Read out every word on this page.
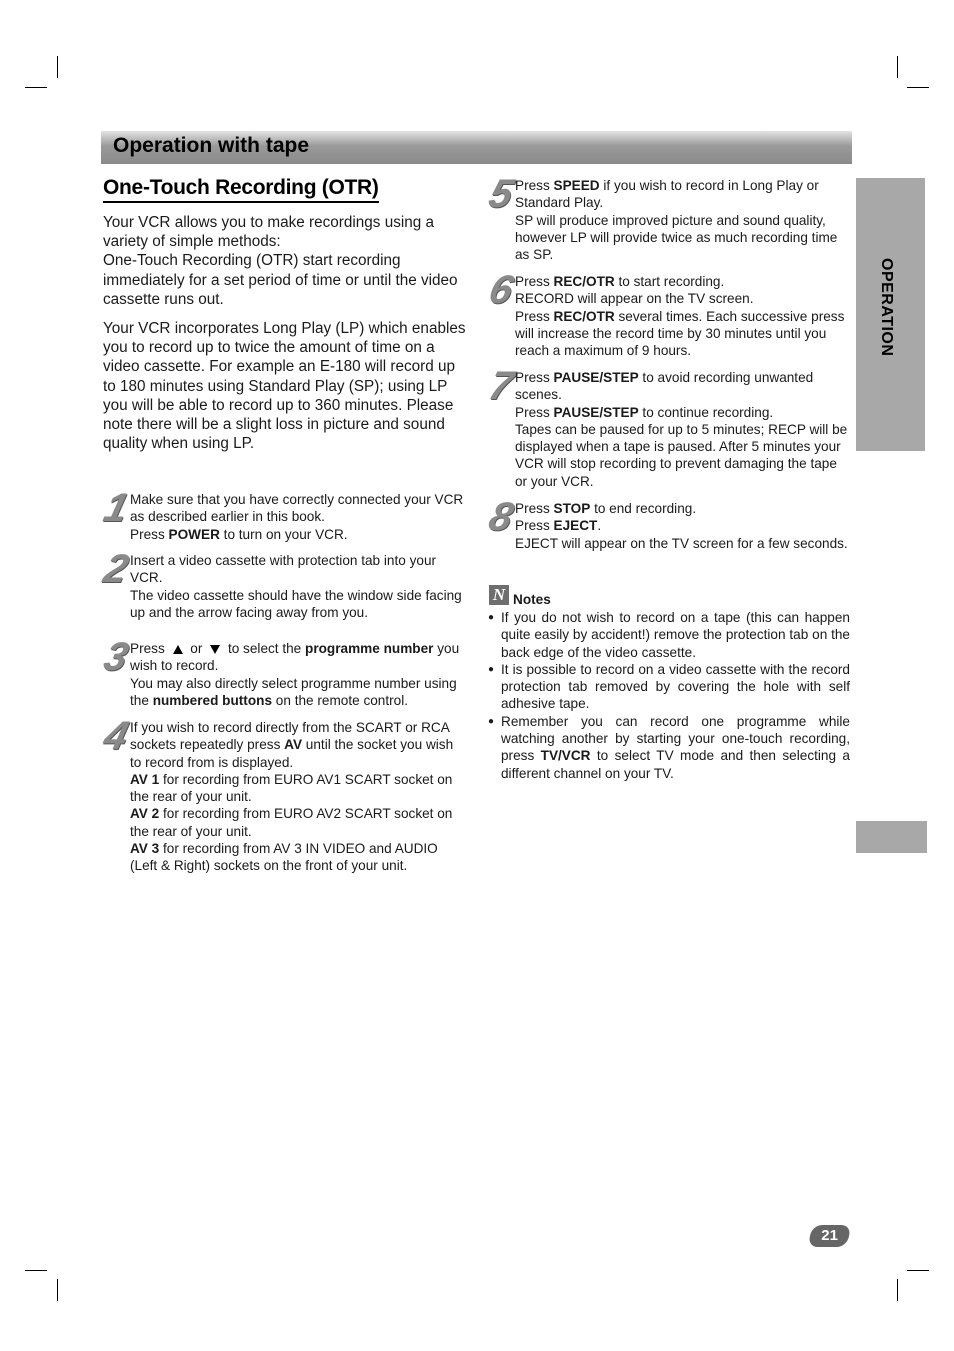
Operation with tape
OPERATION
One-Touch Recording (OTR)

Your VCR allows you to make recordings using a variety of simple methods:
One-Touch Recording (OTR) start recording immediately for a set period of time or until the video cassette runs out.

Your VCR incorporates Long Play (LP) which enables you to record up to twice the amount of time on a video cassette. For example an E-180 will record up to 180 minutes using Standard Play (SP); using LP you will be able to record up to 360 minutes. Please note there will be a slight loss in picture and sound quality when using LP.

1

Make sure that you have correctly connected your VCR as described earlier in this book.

Press POWER to turn on your VCR.

2

Insert a video cassette with protection tab into your VCR.

The video cassette should have the window side facing up and the arrow facing away from you.

3

Press  or  to select the programme number you wish to record.

You may also directly select programme number using the numbered buttons on the remote control.

4

If you wish to record directly from the SCART or RCA sockets repeatedly press AV until the socket you wish to record from is displayed.

AV 1 for recording from EURO AV1 SCART socket on the rear of your unit.

AV 2 for recording from EURO AV2 SCART socket on the rear of your unit.

AV 3 for recording from AV 3 IN VIDEO and AUDIO (Left & Right) sockets on the front of your unit.

5

Press SPEED if you wish to record in Long Play or Standard Play.

SP will produce improved picture and sound quality, however LP will provide twice as much recording time as SP.

6

Press REC/OTR to start recording.

RECORD will appear on the TV screen.

Press REC/OTR several times. Each successive press will increase the record time by 30 minutes until you reach a maximum of 9 hours.

7

Press PAUSE/STEP to avoid recording unwanted scenes.

Press PAUSE/STEP to continue recording.

Tapes can be paused for up to 5 minutes; RECP will be displayed when a tape is paused. After 5 minutes your VCR will stop recording to prevent damaging the tape or your VCR.

8

Press STOP to end recording.

Press EJECT.

EJECT will appear on the TV screen for a few seconds.

N Notes
● If you do not wish to record on a tape (this can happen quite easily by accident!) remove the protection tab on the back edge of the video cassette.
● It is possible to record on a video cassette with the record protection tab removed by covering the hole with self adhesive tape.
● Remember you can record one programme while watching another by starting your one-touch recording, press TV/VCR to select TV mode and then selecting a different channel on your TV.
21
